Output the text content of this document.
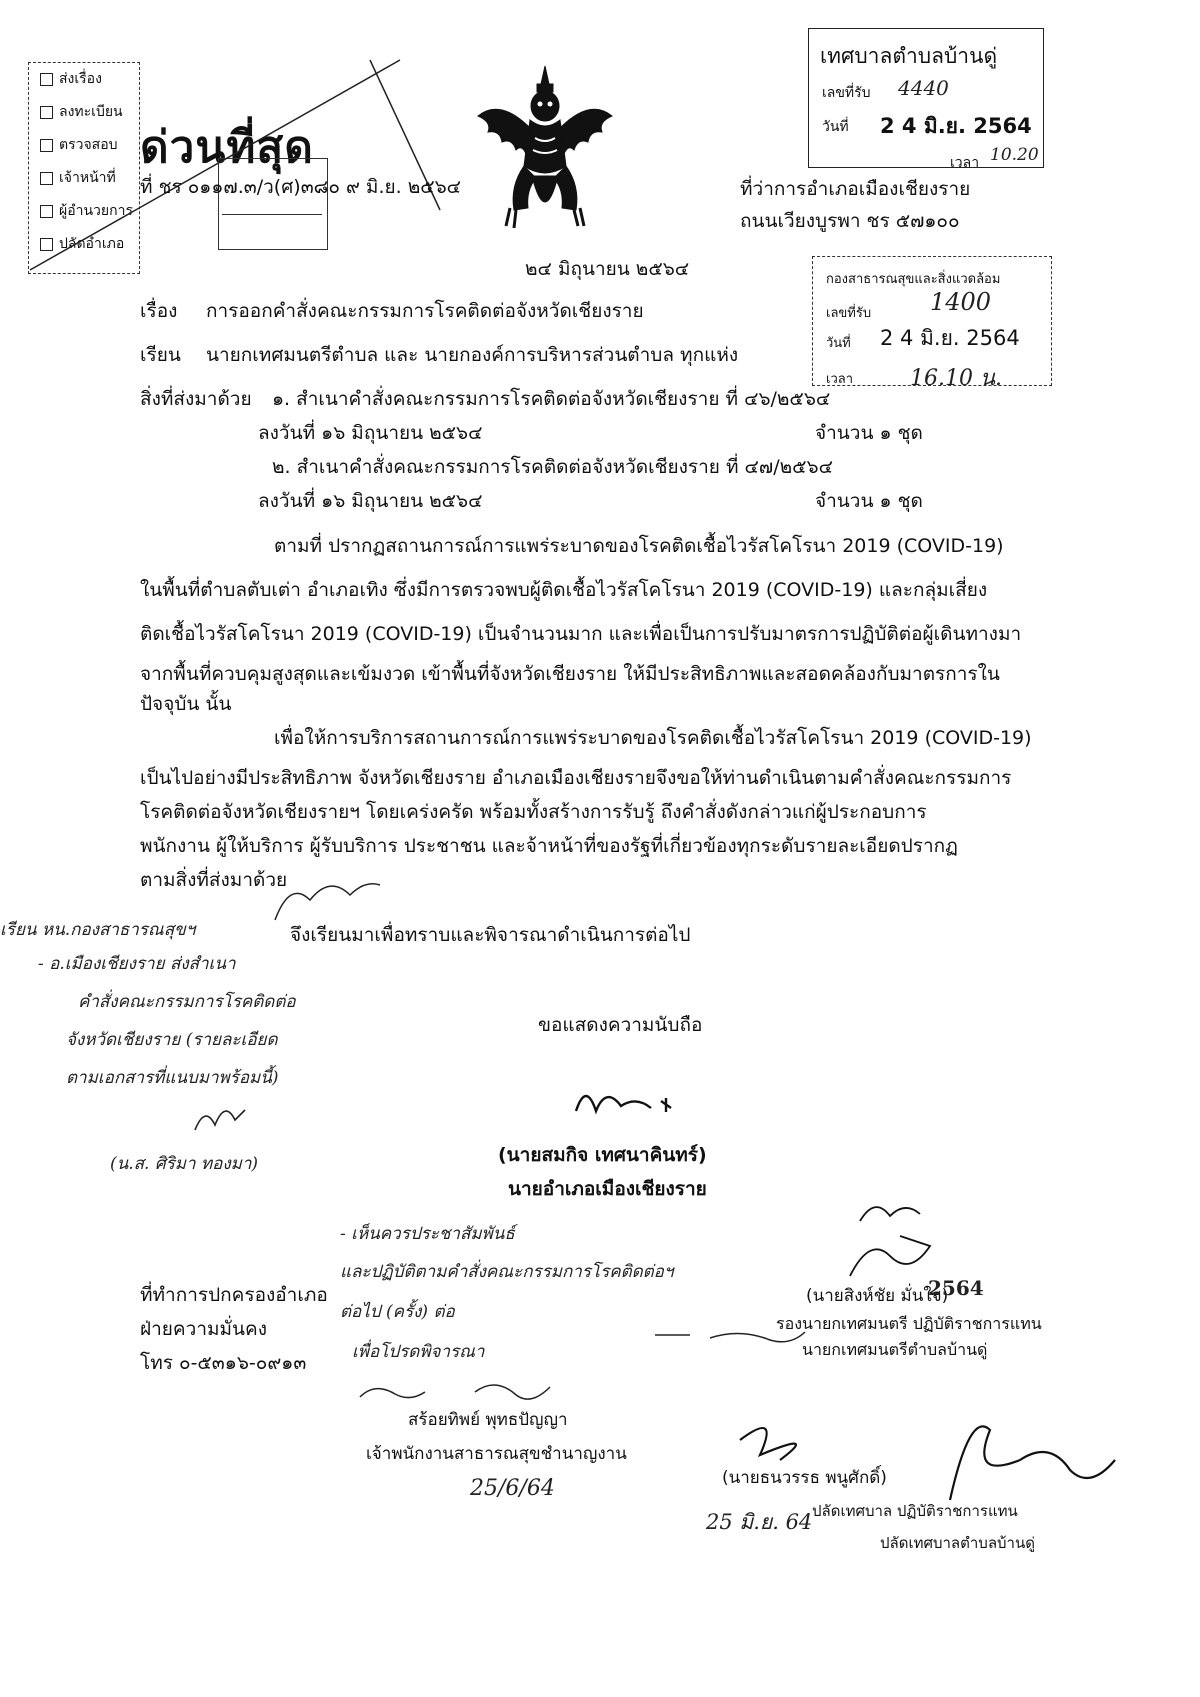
ส่งเรื่อง
ลงทะเบียน
ตรวจสอบ
เจ้าหน้าที่
ผู้อำนวยการ
ปลัดอำเภอ
ด่วนที่สุด
ที่ ชร ๐๑๑๗.๓/ว(ศ)๓๘๐ ๙ มิ.ย. ๒๕๖๔
เทศบาลตำบลบ้านดู่
เลขที่รับ 4440
วันที่ 2 4 มิ.ย. 2564
เวลา 10.20
ที่ว่าการอำเภอเมืองเชียงราย
ถนนเวียงบูรพา ชร ๕๗๑๐๐
๒๔ มิถุนายน ๒๕๖๔	กองสาธารณสุขและสิ่งแวดล้อม
เลขที่รับ 1400
วันที่ 2 4 มิ.ย. 2564
เวลา	16.10 น.
เรื่อง การออกคำสั่งคณะกรรมการโรคติดต่อจังหวัดเชียงราย
เรียน นายกเทศมนตรีตำบล และ นายกองค์การบริหารส่วนตำบล ทุกแห่ง
สิ่งที่ส่งมาด้วย ๑. สำเนาคำสั่งคณะกรรมการโรคติดต่อจังหวัดเชียงราย ที่ ๔๖/๒๕๖๔
ลงวันที่ ๑๖ มิถุนายน ๒๕๖๔	จำนวน ๑ ชุด
๒. สำเนาคำสั่งคณะกรรมการโรคติดต่อจังหวัดเชียงราย ที่ ๔๗/๒๕๖๔
ลงวันที่ ๑๖ มิถุนายน ๒๕๖๔	จำนวน ๑ ชุด
ตามที่ ปรากฏสถานการณ์การแพร่ระบาดของโรคติดเชื้อไวรัสโคโรนา 2019 (COVID-19)
ในพื้นที่ตำบลตับเต่า อำเภอเทิง ซึ่งมีการตรวจพบผู้ติดเชื้อไวรัสโคโรนา 2019 (COVID-19) และกลุ่มเสี่ยง
ติดเชื้อไวรัสโคโรนา 2019 (COVID-19) เป็นจำนวนมาก และเพื่อเป็นการปรับมาตรการปฏิบัติต่อผู้เดินทางมา
จากพื้นที่ควบคุมสูงสุดและเข้มงวด เข้าพื้นที่จังหวัดเชียงราย ให้มีประสิทธิภาพและสอดคล้องกับมาตรการใน
ปัจจุบัน นั้น
เพื่อให้การบริการสถานการณ์การแพร่ระบาดของโรคติดเชื้อไวรัสโคโรนา 2019 (COVID-19)
เป็นไปอย่างมีประสิทธิภาพ จังหวัดเชียงราย อำเภอเมืองเชียงรายจึงขอให้ท่านดำเนินตามคำสั่งคณะกรรมการ
โรคติดต่อจังหวัดเชียงรายฯ โดยเคร่งครัด พร้อมทั้งสร้างการรับรู้ ถึงคำสั่งดังกล่าวแก่ผู้ประกอบการ
พนักงาน ผู้ให้บริการ ผู้รับบริการ ประชาชน และจ้าหน้าที่ของรัฐที่เกี่ยวข้องทุกระดับรายละเอียดปรากฏ
ตามสิ่งที่ส่งมาด้วย
จึงเรียนมาเพื่อทราบและพิจารณาดำเนินการต่อไป
ขอแสดงความนับถือ
เรียน หน.กองสาธารณสุขฯ
- อ.เมืองเชียงราย ส่งสำเนา
คำสั่งคณะกรรมการโรคติดต่อ
จังหวัดเชียงราย (รายละเอียด
ตามเอกสารที่แนบมาพร้อมนี้)
(น.ส. ศิริมา ทองมา)	(นายสมกิจ เทศนาคินทร์)
นายอำเภอเมืองเชียงราย
- เห็นควรประชาสัมพันธ์
และปฏิบัติตามคำสั่งคณะกรรมการโรคติดต่อฯ
ต่อไป (ครั้ง) ต่อ
เพื่อโปรดพิจารณา
สร้อยทิพย์ พุทธปัญญา
เจ้าพนักงานสาธารณสุขชำนาญงาน
25/6/64
ที่ทำการปกครองอำเภอ
ฝ่ายความมั่นคง
โทร ๐-๕๓๑๖-๐๙๑๓
(นายสิงห์ชัย มั่นใจ)
2564
รองนายกเทศมนตรี ปฏิบัติราชการแทน
นายกเทศมนตรีตำบลบ้านดู่
(นายธนวรรธ พนูศักดิ์)
ปลัดเทศบาล ปฏิบัติราชการแทน
25 มิ.ย. 64
ปลัดเทศบาลตำบลบ้านดู่
